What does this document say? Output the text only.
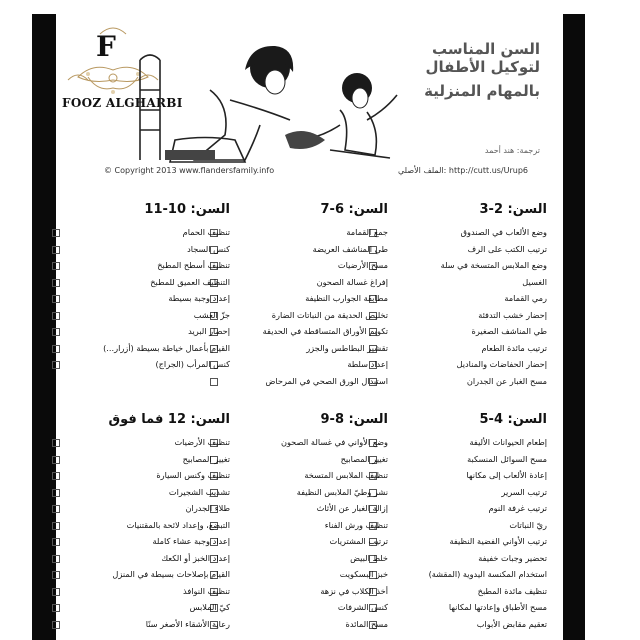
F
FOOZ ALGHARBI
السن المناسب لتوكيل الأطفال
بالمهام المنزلية
ترجمة: هند أحمد
© Copyright 2013 www.flandersfamily.info	الملف الأصلي: http://cutt.us/Urup6
السن: 2-3
وضع الألعاب في الصندوق
ترتيب الكتب على الرف
وضع الملابس المتسخة في سلة
الغسيل
رمي القمامة
إحضار خشب التدفئة
طي المناشف الصغيرة
ترتيب مائدة الطعام
إحضار الحفاضات والمناديل
مسح الغبار عن الجدران
السن: 6-7
جمع القمامة
طي المناشف العريضة
مسح الأرضيات
إفراغ غسالة الصحون
مطابقة الجوارب النظيفة
تخليص الحديقة من النباتات الضارة
تكويم الأوراق المتساقطة في الحديقة
تقشير البطاطس والجزر
إعداد سلطة
استبدال الورق الصحي في المرحاض
السن: 10-11
تنظيف الحمام
كنس السجاد
تنظيف أسطح المطبخ
التنظيف العميق للمطبخ
إعداد وجبة بسيطة
جزّ العشب
إحضار البريد
القيام بأعمال خياطة بسيطة (أزرار...)
كنس المرأب (الجراج)
السن: 4-5
إطعام الحيوانات الأليفة
مسح السوائل المنسكبة
إعادة الألعاب إلى مكانها
ترتيب السرير
ترتيب غرفة النوم
ريّ النباتات
ترتيب الأواني الفضية النظيفة
تحضير وجبات خفيفة
استخدام المكنسة اليدوية (المقشة)
تنظيف مائدة المطبخ
مسح الأطباق وإعادتها لمكانها
تعقيم مقابض الأبواب
السن: 8-9
وضع الأواني في غسالة الصحون
تغيير المصابيح
تنظيف الملابس المتسخة
نشر وطيّ الملابس النظيفة
إزالة الغبار عن الأثاث
تنظيف ورش الفناء
ترتيب المشتريات
خلط البيض
خبز البسكويت
أخذ الكلاب في نزهة
كنس الشرفات
مسح المائدة
السن: 12 فما فوق
تنظيف الأرضيات
تغيير المصابيح
تنظيف وكنس السيارة
تشذيب الشجيرات
طلاء الجدران
التبضع، وإعداد لائحة بالمقتنيات
إعداد وجبة عشاء كاملة
إعداد الخبز أو الكعك
القيام بإصلاحات بسيطة في المنزل
تنظيف النوافذ
كيّ الملابس
رعاية الأشقاء الأصغر سنًا
